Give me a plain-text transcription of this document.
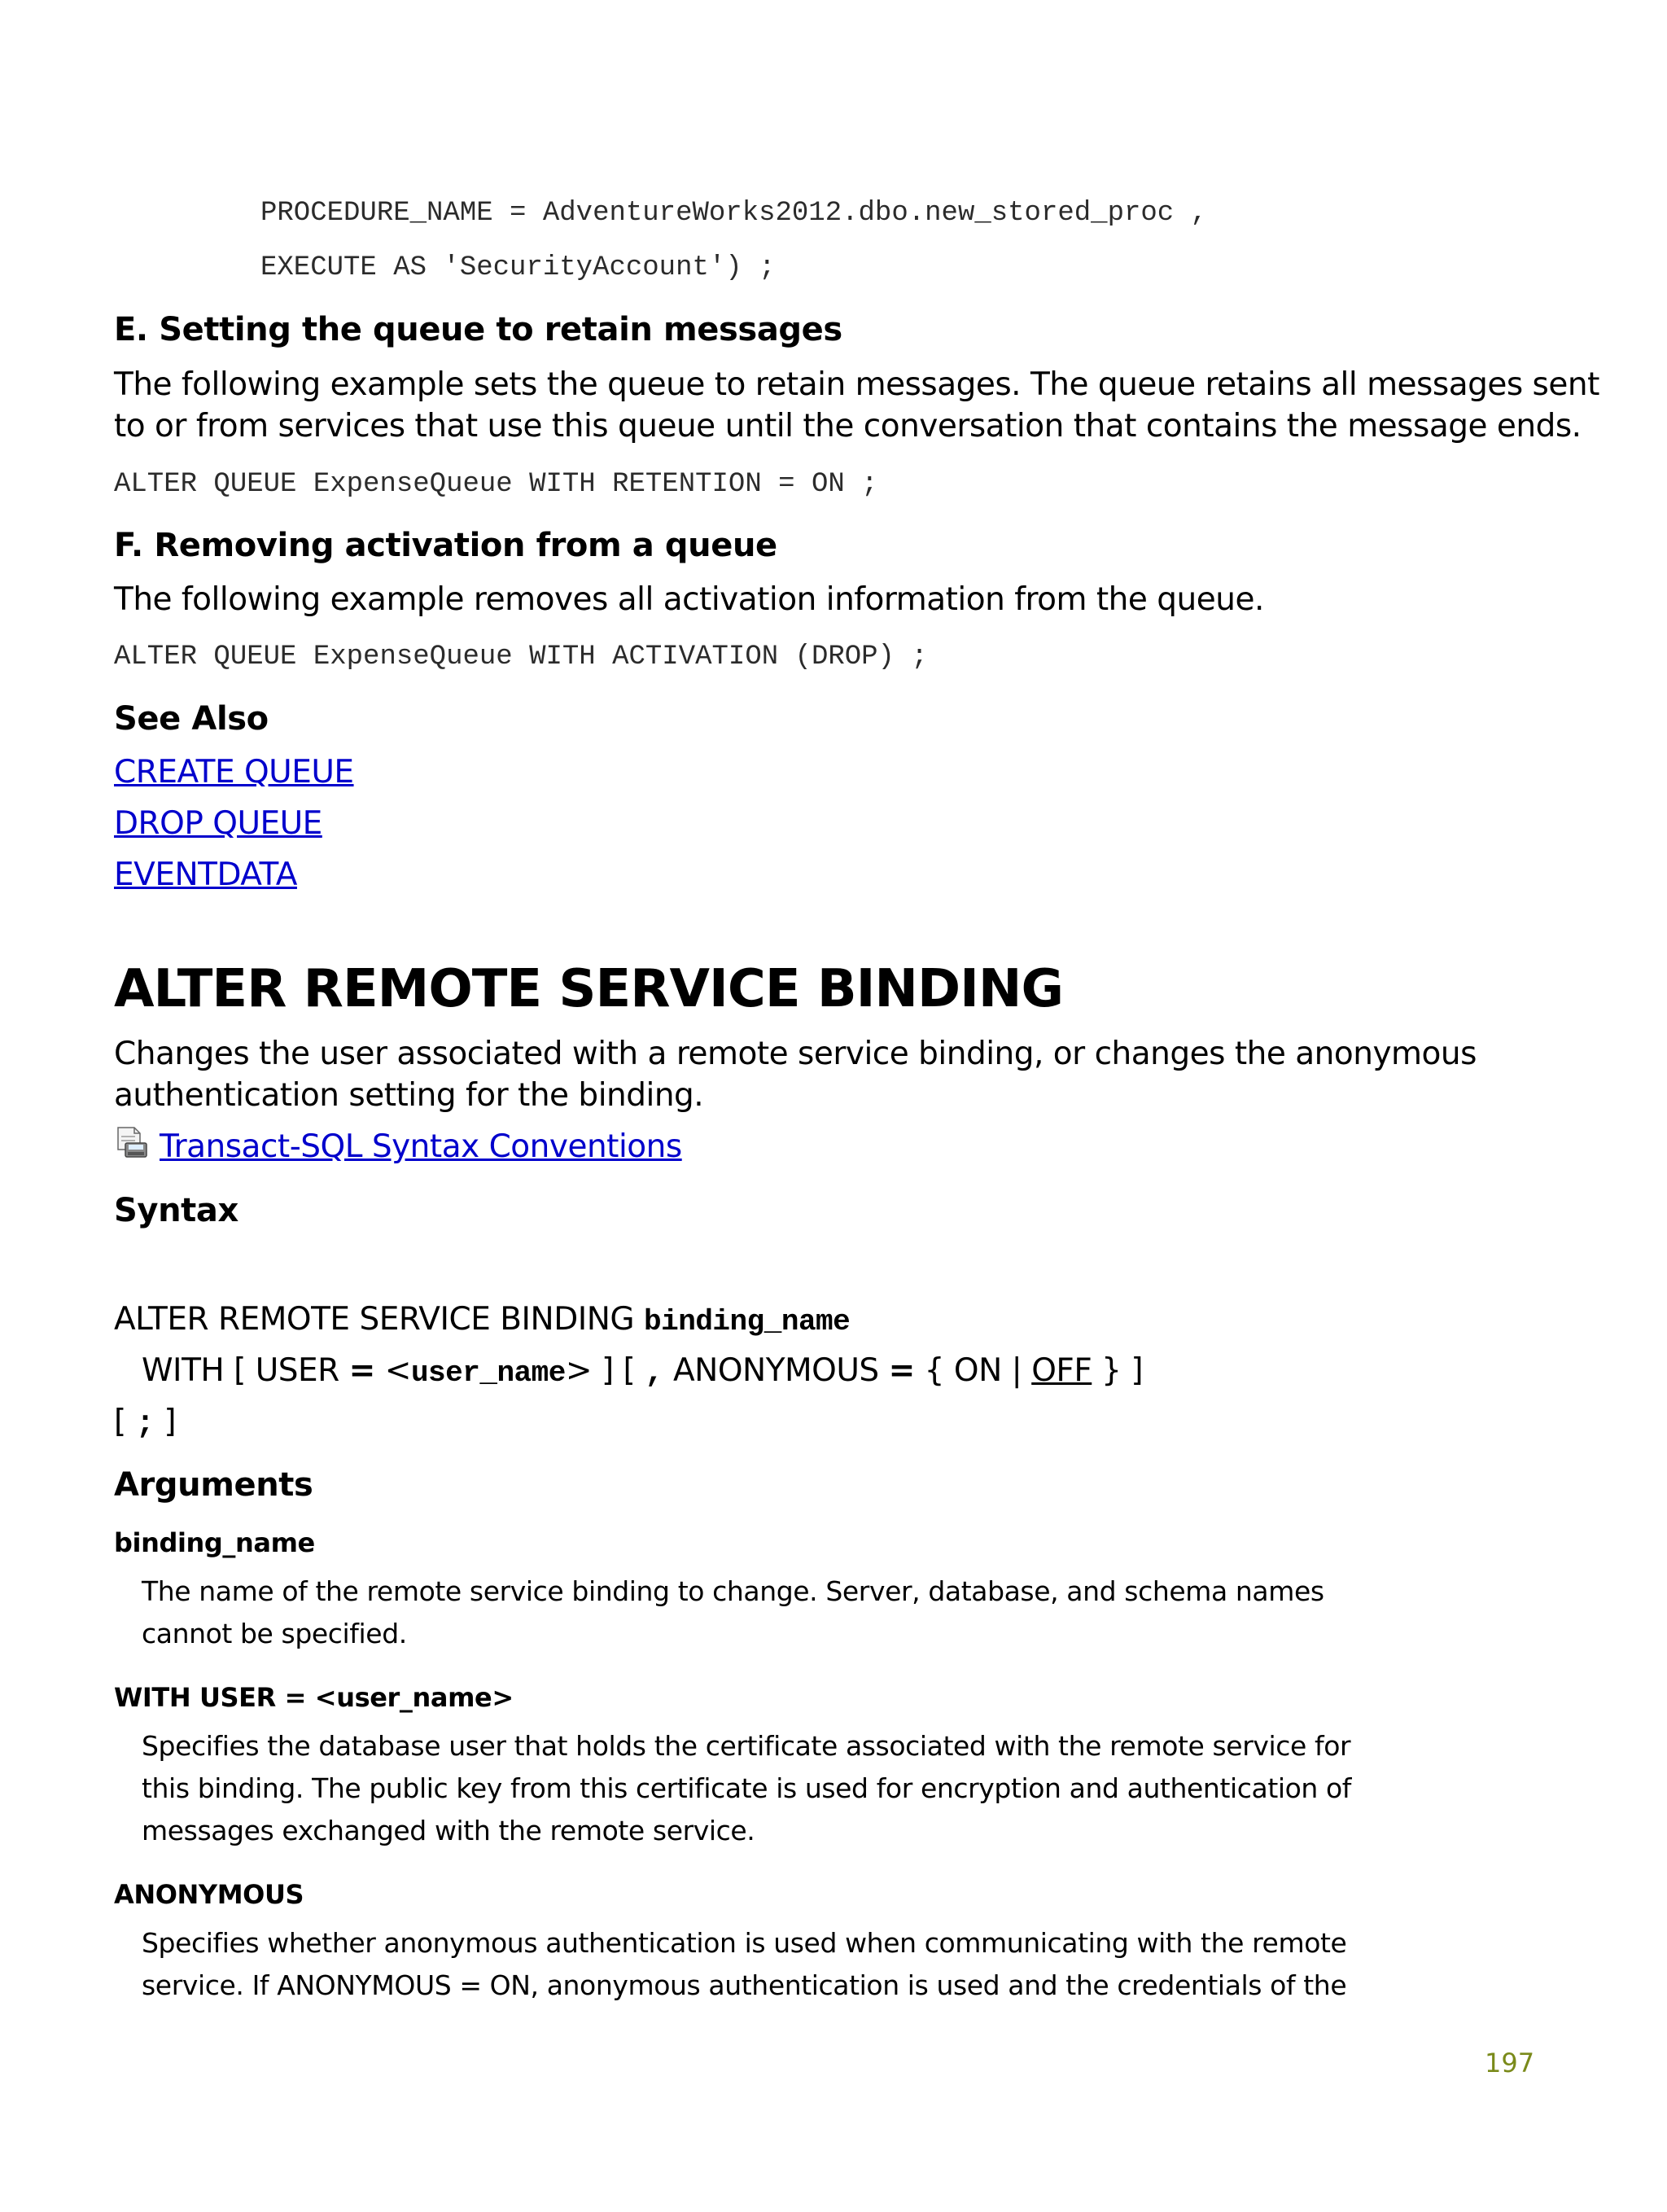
PROCEDURE_NAME = AdventureWorks2012.dbo.new_stored_proc ,
EXECUTE AS 'SecurityAccount') ;
E. Setting the queue to retain messages
The following example sets the queue to retain messages. The queue retains all messages sent
to or from services that use this queue until the conversation that contains the message ends.
ALTER QUEUE ExpenseQueue WITH RETENTION = ON ;
F. Removing activation from a queue
The following example removes all activation information from the queue.
ALTER QUEUE ExpenseQueue WITH ACTIVATION (DROP) ;
See Also
CREATE QUEUE
DROP QUEUE
EVENTDATA
ALTER REMOTE SERVICE BINDING
Changes the user associated with a remote service binding, or changes the anonymous
authentication setting for the binding.
Transact-SQL Syntax Conventions
Syntax
ALTER REMOTE SERVICE BINDING binding_name
WITH [ USER = <user_name> ] [ , ANONYMOUS = { ON | OFF } ]
[ ; ]
Arguments
binding_name
The name of the remote service binding to change. Server, database, and schema names
cannot be specified.
WITH USER = <user_name>
Specifies the database user that holds the certificate associated with the remote service for
this binding. The public key from this certificate is used for encryption and authentication of
messages exchanged with the remote service.
ANONYMOUS
Specifies whether anonymous authentication is used when communicating with the remote
service. If ANONYMOUS = ON, anonymous authentication is used and the credentials of the
197
